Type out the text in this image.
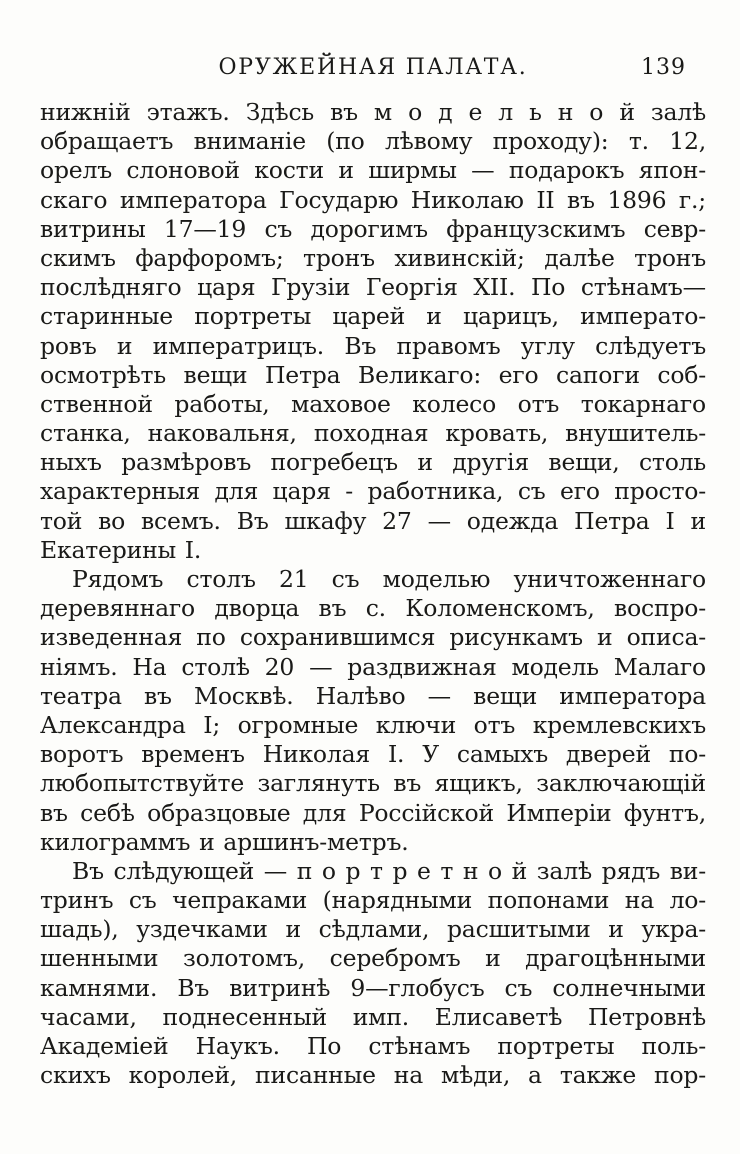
ОРУЖЕЙНАЯ ПАЛАТА.	139
нижній этажъ. Здѣсь въ м о д е л ь н о й залѣ
обращаетъ вниманіе (по лѣвому проходу): т. 12,
орелъ слоновой кости и ширмы — подарокъ япон-
скаго императора Государю Николаю II въ 1896 г.;
витрины 17—19 съ дорогимъ французскимъ севр-
скимъ фарфоромъ; тронъ хивинскій; далѣе тронъ
послѣдняго царя Грузіи Георгія XII. По стѣнамъ—
старинные портреты царей и царицъ, императо-
ровъ и императрицъ. Въ правомъ углу слѣдуетъ
осмотрѣть вещи Петра Великаго: его сапоги соб-
ственной работы, маховое колесо отъ токарнаго
станка, наковальня, походная кровать, внушитель-
ныхъ размѣровъ погребецъ и другія вещи, столь
характерныя для царя - работника, съ его просто-
той во всемъ. Въ шкафу 27 — одежда Петра I и
Екатерины I.
Рядомъ столъ 21 съ моделью уничтоженнаго
деревяннаго дворца въ с. Коломенскомъ, воспро-
изведенная по сохранившимся рисункамъ и описа-
ніямъ. На столѣ 20 — раздвижная модель Малаго
театра въ Москвѣ. Налѣво — вещи императора
Александра I; огромные ключи отъ кремлевскихъ
воротъ временъ Николая I. У самыхъ дверей по-
любопытствуйте заглянуть въ ящикъ, заключающій
въ себѣ образцовые для Россійской Имперіи фунтъ,
килограммъ и аршинъ-метръ.
Въ слѣдующей — п о р т р е т н о й залѣ рядъ ви-
тринъ съ чепраками (нарядными попонами на ло-
шадь), уздечками и сѣдлами, расшитыми и укра-
шенными золотомъ, серебромъ и драгоцѣнными
камнями. Въ витринѣ 9—глобусъ съ солнечными
часами, поднесенный имп. Елисаветѣ Петровнѣ
Академіей Наукъ. По стѣнамъ портреты поль-
скихъ королей, писанные на мѣди, а также пор-
